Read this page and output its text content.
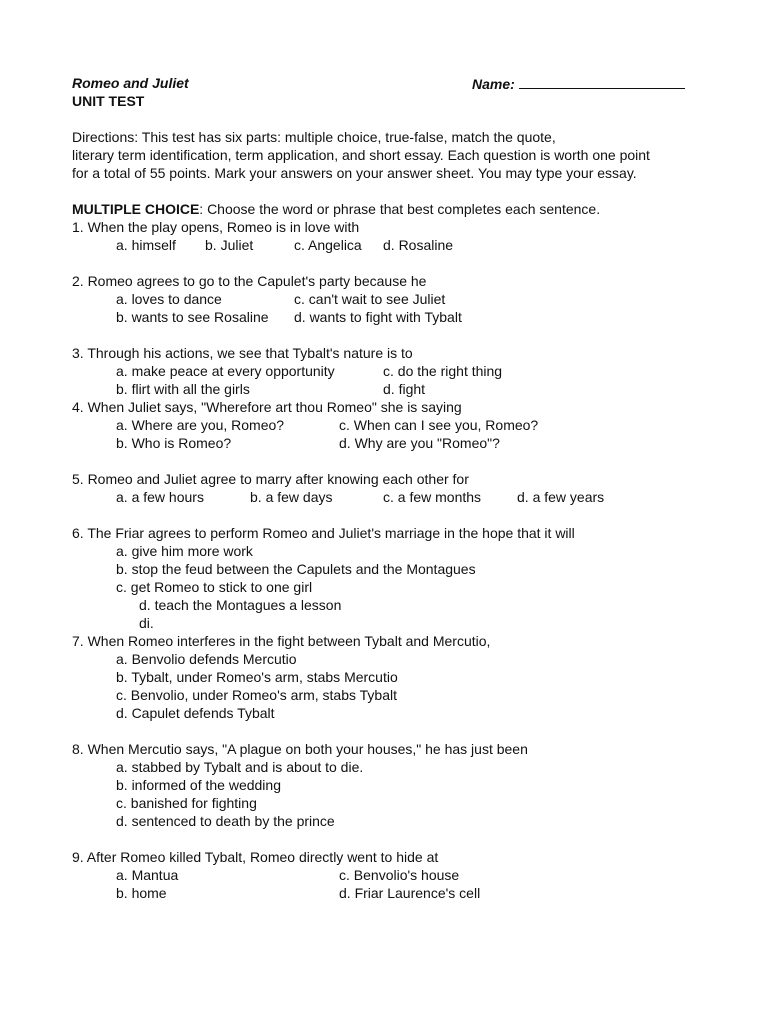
Romeo and Juliet	Name:
UNIT TEST
Directions: This test has six parts: multiple choice, true-false, match the quote,
literary term identification, term application, and short essay. Each question is worth one point
for a total of 55 points. Mark your answers on your answer sheet. You may type your essay.
MULTIPLE CHOICE: Choose the word or phrase that best completes each sentence.
1. When the play opens, Romeo is in love with
a. himself b. Juliet	c. Angelica d. Rosaline
2. Romeo agrees to go to the Capulet's party because he
a. loves to dance	c. can't wait to see Juliet
b. wants to see Rosaline d. wants to fight with Tybalt
3. Through his actions, we see that Tybalt's nature is to
a. make peace at every opportunity	c. do the right thing
b. flirt with all the girls	d. fight
4. When Juliet says, "Wherefore art thou Romeo" she is saying
a. Where are you, Romeo?	c. When can I see you, Romeo?
b. Who is Romeo?	d. Why are you "Romeo"?
5. Romeo and Juliet agree to marry after knowing each other for
a. a few hours	b. a few days	c. a few months	d. a few years
6. The Friar agrees to perform Romeo and Juliet's marriage in the hope that it will
a. give him more work
b. stop the feud between the Capulets and the Montagues
c. get Romeo to stick to one girl
d. teach the Montagues a lesson
di.
7. When Romeo interferes in the fight between Tybalt and Mercutio,
a. Benvolio defends Mercutio
b. Tybalt, under Romeo's arm, stabs Mercutio
c. Benvolio, under Romeo's arm, stabs Tybalt
d. Capulet defends Tybalt
8. When Mercutio says, "A plague on both your houses," he has just been
a. stabbed by Tybalt and is about to die.
b. informed of the wedding
c. banished for fighting
d. sentenced to death by the prince
9. After Romeo killed Tybalt, Romeo directly went to hide at
a. Mantua	c. Benvolio's house
b. home	d. Friar Laurence's cell
